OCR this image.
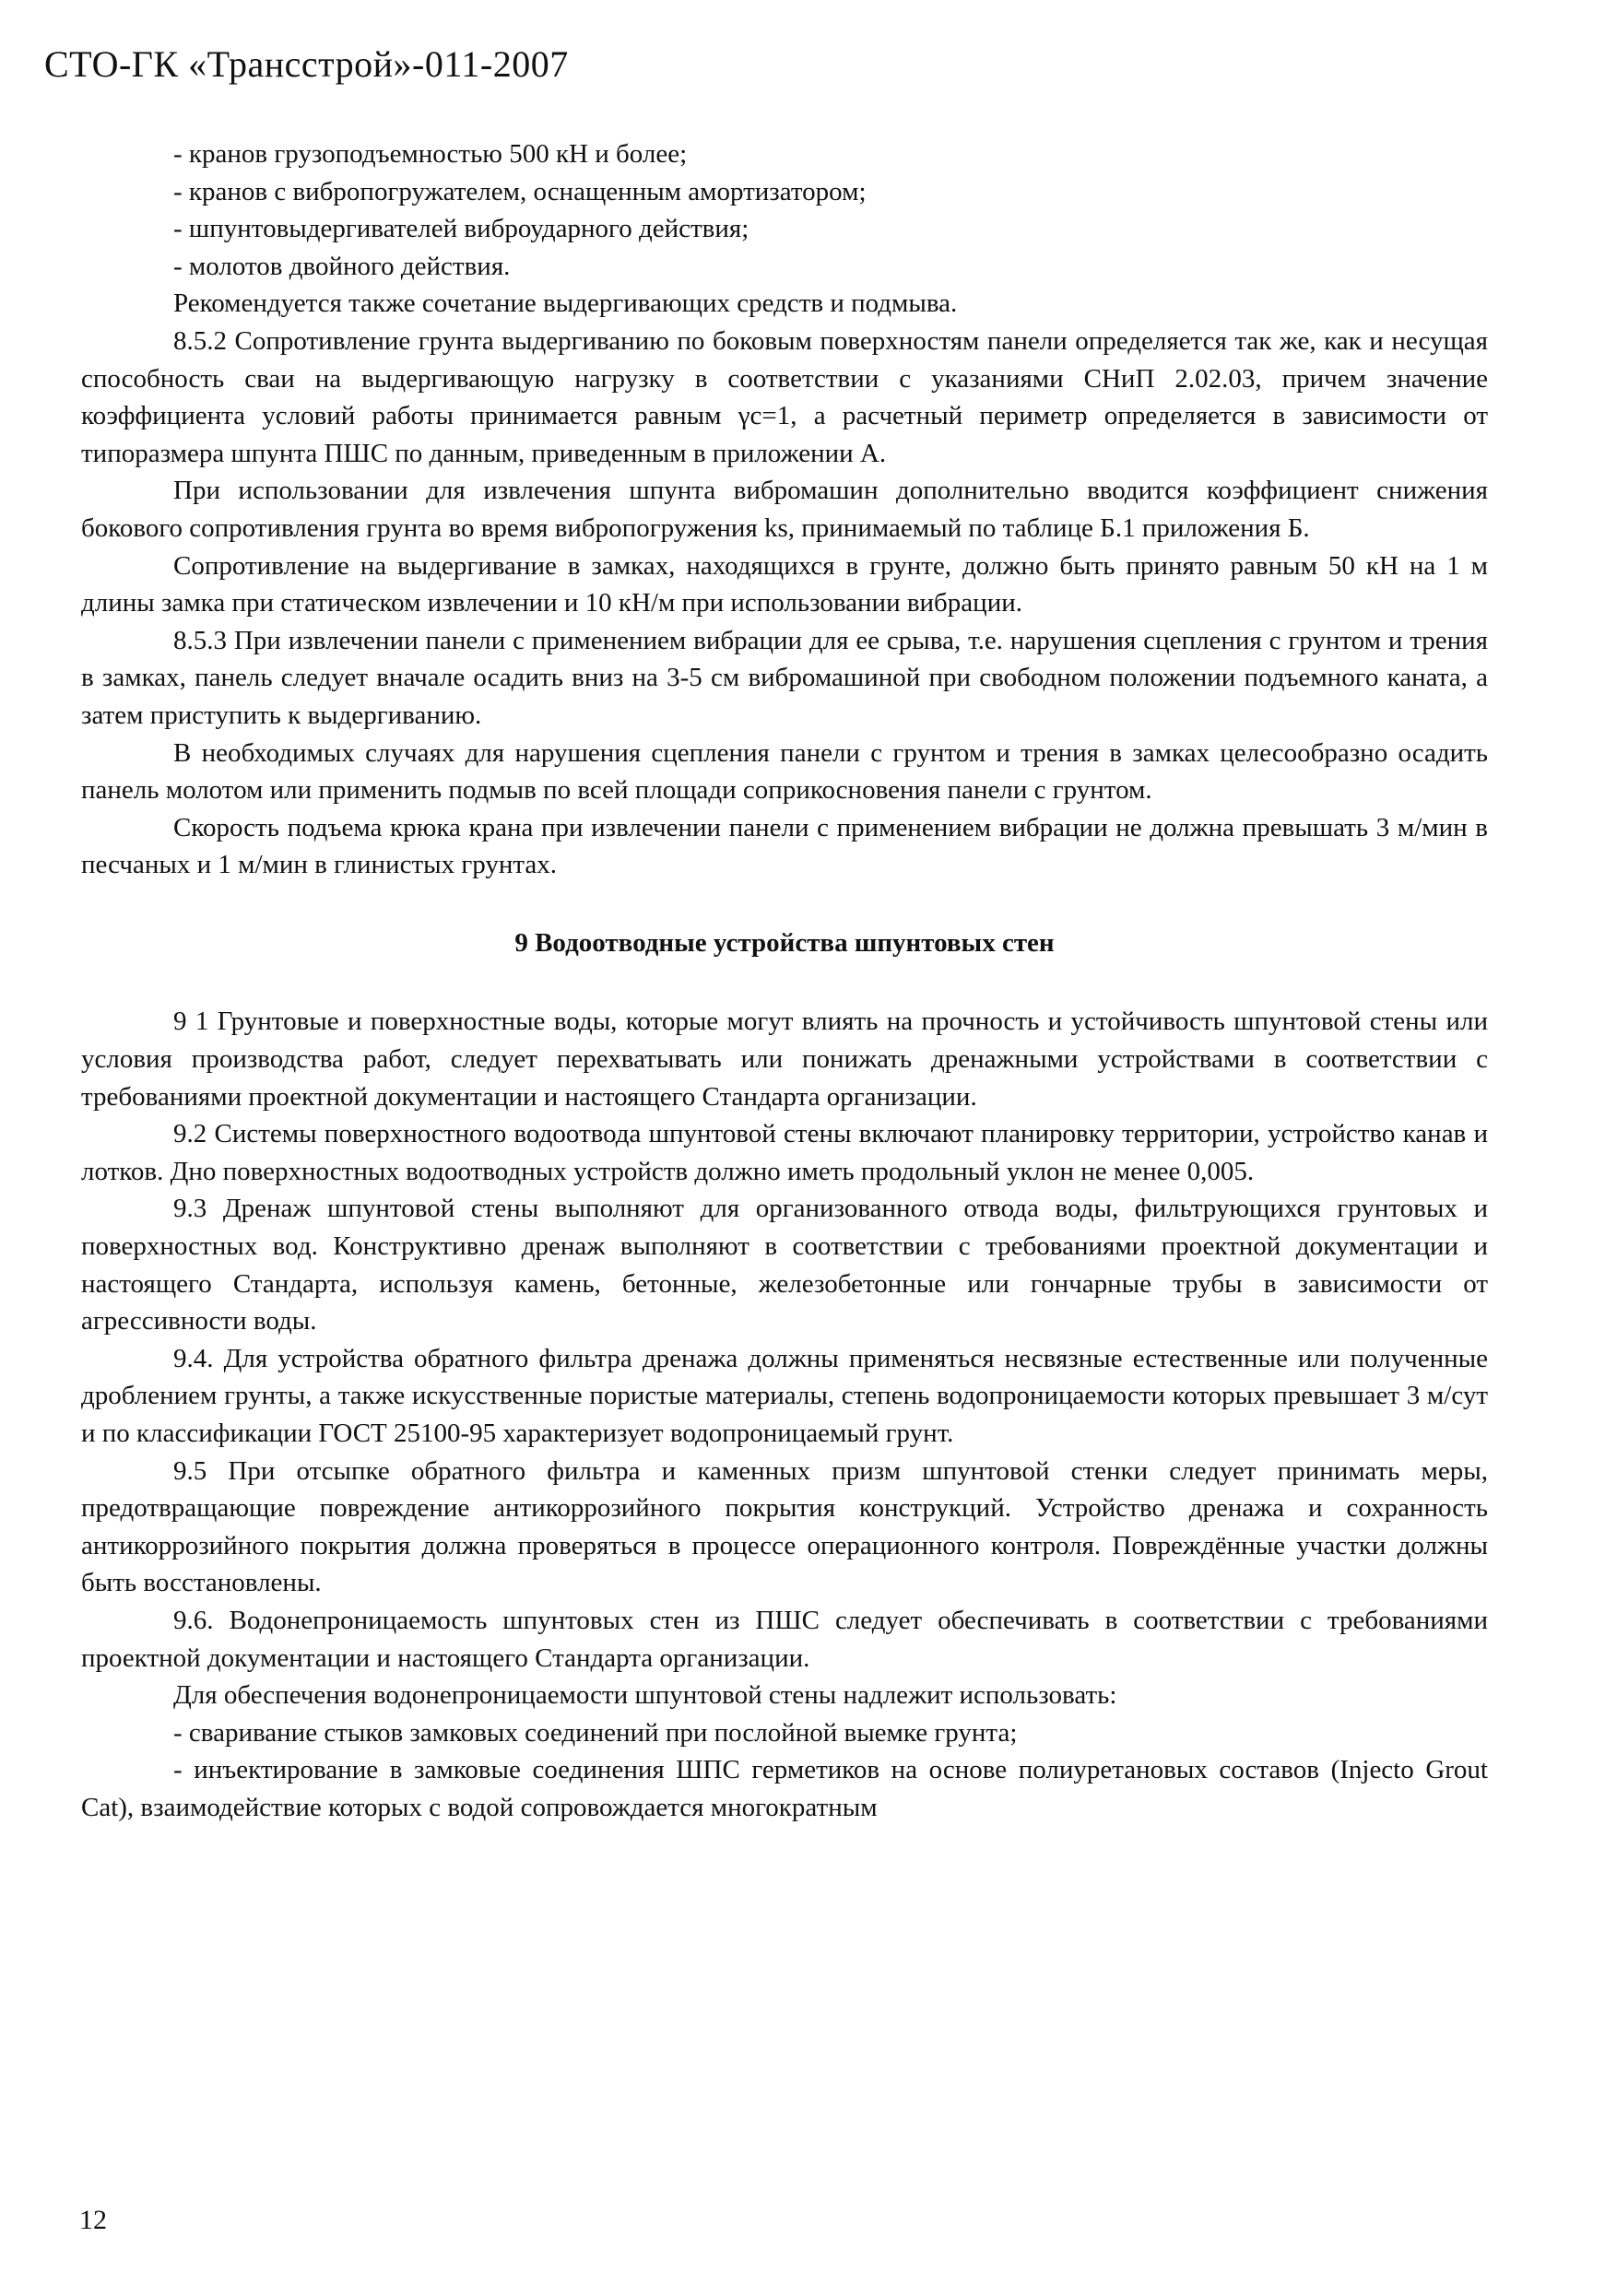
СТО-ГК «Трансстрой»-011-2007

- кранов грузоподъемностью 500 кН и более;

- кранов с вибропогружателем, оснащенным амортизатором;

- шпунтовыдергивателей виброударного действия;

- молотов двойного действия.

Рекомендуется также сочетание выдергивающих средств и подмыва.

8.5.2 Сопротивление грунта выдергиванию по боковым поверхностям панели определяется так же, как и несущая способность сваи на выдергивающую нагрузку в соответствии с указаниями СНиП 2.02.03, причем значение коэффициента условий работы принимается равным γc=1, а расчетный периметр определяется в зависимости от типоразмера шпунта ПШС по данным, приведенным в приложении А.

При использовании для извлечения шпунта вибромашин дополнительно вводится коэффициент снижения бокового сопротивления грунта во время вибропогружения ks, принимаемый по таблице Б.1 приложения Б.

Сопротивление на выдергивание в замках, находящихся в грунте, должно быть принято равным 50 кН на 1 м длины замка при статическом извлечении и 10 кН/м при использовании вибрации.

8.5.3 При извлечении панели с применением вибрации для ее срыва, т.е. нарушения сцепления с грунтом и трения в замках, панель следует вначале осадить вниз на 3-5 см вибромашиной при свободном положении подъемного каната, а затем приступить к выдергиванию.

В необходимых случаях для нарушения сцепления панели с грунтом и трения в замках целесообразно осадить панель молотом или применить подмыв по всей площади соприкосновения панели с грунтом.

Скорость подъема крюка крана при извлечении панели с применением вибрации не должна превышать 3 м/мин в песчаных и 1 м/мин в глинистых грунтах.

9 Водоотводные устройства шпунтовых стен

9 1 Грунтовые и поверхностные воды, которые могут влиять на прочность и устойчивость шпунтовой стены или условия производства работ, следует перехватывать или понижать дренажными устройствами в соответствии с требованиями проектной документации и настоящего Стандарта организации.

9.2 Системы поверхностного водоотвода шпунтовой стены включают планировку территории, устройство канав и лотков. Дно поверхностных водоотводных устройств должно иметь продольный уклон не менее 0,005.

9.3 Дренаж шпунтовой стены выполняют для организованного отвода воды, фильтрующихся грунтовых и поверхностных вод. Конструктивно дренаж выполняют в соответствии с требованиями проектной документации и настоящего Стандарта, используя камень, бетонные, железобетонные или гончарные трубы в зависимости от агрессивности воды.

9.4. Для устройства обратного фильтра дренажа должны применяться несвязные естественные или полученные дроблением грунты, а также искусственные пористые материалы, степень водопроницаемости которых превышает 3 м/сут и по классификации ГОСТ 25100-95 характеризует водопроницаемый грунт.

9.5 При отсыпке обратного фильтра и каменных призм шпунтовой стенки следует принимать меры, предотвращающие повреждение антикоррозийного покрытия конструкций. Устройство дренажа и сохранность антикоррозийного покрытия должна проверяться в процессе операционного контроля. Повреждённые участки должны быть восстановлены.

9.6. Водонепроницаемость шпунтовых стен из ПШС следует обеспечивать в соответствии с требованиями проектной документации и настоящего Стандарта организации.

Для обеспечения водонепроницаемости шпунтовой стены надлежит использовать:

- сваривание стыков замковых соединений при послойной выемке грунта;

- инъектирование в замковые соединения ШПС герметиков на основе полиуретановых составов (Injecto Grout Cat), взаимодействие которых с водой сопровождается многократным

12
